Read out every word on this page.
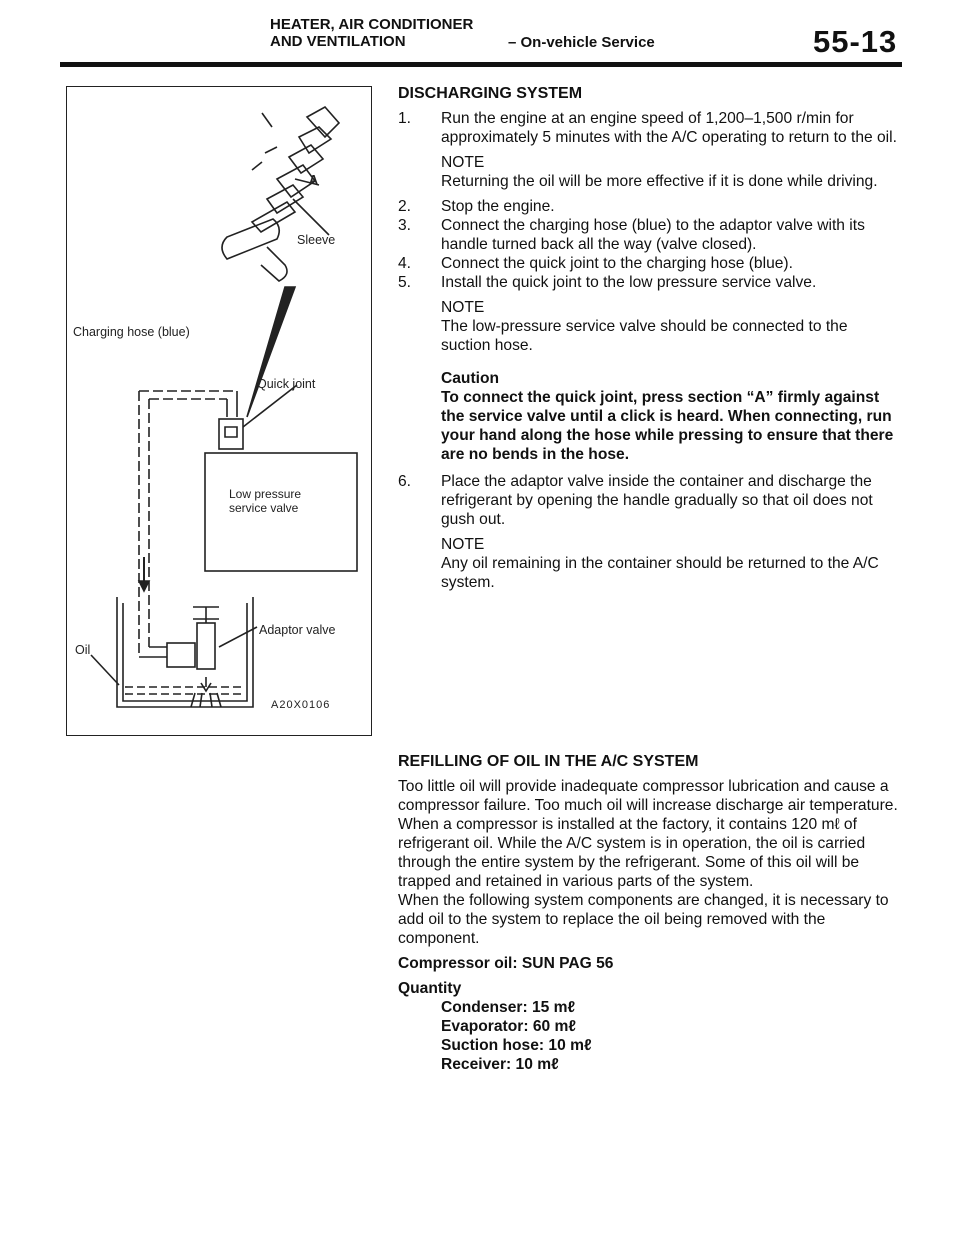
HEATER, AIR CONDITIONER
AND VENTILATION	– On-vehicle Service	55-13
A
Sleeve
Charging hose (blue)
Quick joint
Low pressure
service valve
Adaptor valve
Oil
A20X0106

DISCHARGING SYSTEM

1. Run the engine at an engine speed of 1,200–1,500 r/min for approximately 5 minutes with the A/C operating to return to the oil.

NOTE

Returning the oil will be more effective if it is done while driving.

2. Stop the engine.
3. Connect the charging hose (blue) to the adaptor valve with its handle turned back all the way (valve closed).
4. Connect the quick joint to the charging hose (blue).
5. Install the quick joint to the low pressure service valve.

NOTE

The low-pressure service valve should be connected to the suction hose.

Caution

To connect the quick joint, press section “A” firmly against the service valve until a click is heard. When connecting, run your hand along the hose while pressing to ensure that there are no bends in the hose.

6. Place the adaptor valve inside the container and discharge the refrigerant by opening the handle gradually so that oil does not gush out.

NOTE

Any oil remaining in the container should be returned to the A/C system.

REFILLING OF OIL IN THE A/C SYSTEM

Too little oil will provide inadequate compressor lubrication and cause a compressor failure. Too much oil will increase discharge air temperature.

When a compressor is installed at the factory, it contains 120 mℓ of refrigerant oil. While the A/C system is in operation, the oil is carried through the entire system by the refrigerant. Some of this oil will be trapped and retained in various parts of the system.

When the following system components are changed, it is necessary to add oil to the system to replace the oil being removed with the component.

Compressor oil: SUN PAG 56

Quantity

Condenser: 15 mℓ

Evaporator: 60 mℓ

Suction hose: 10 mℓ

Receiver: 10 mℓ
